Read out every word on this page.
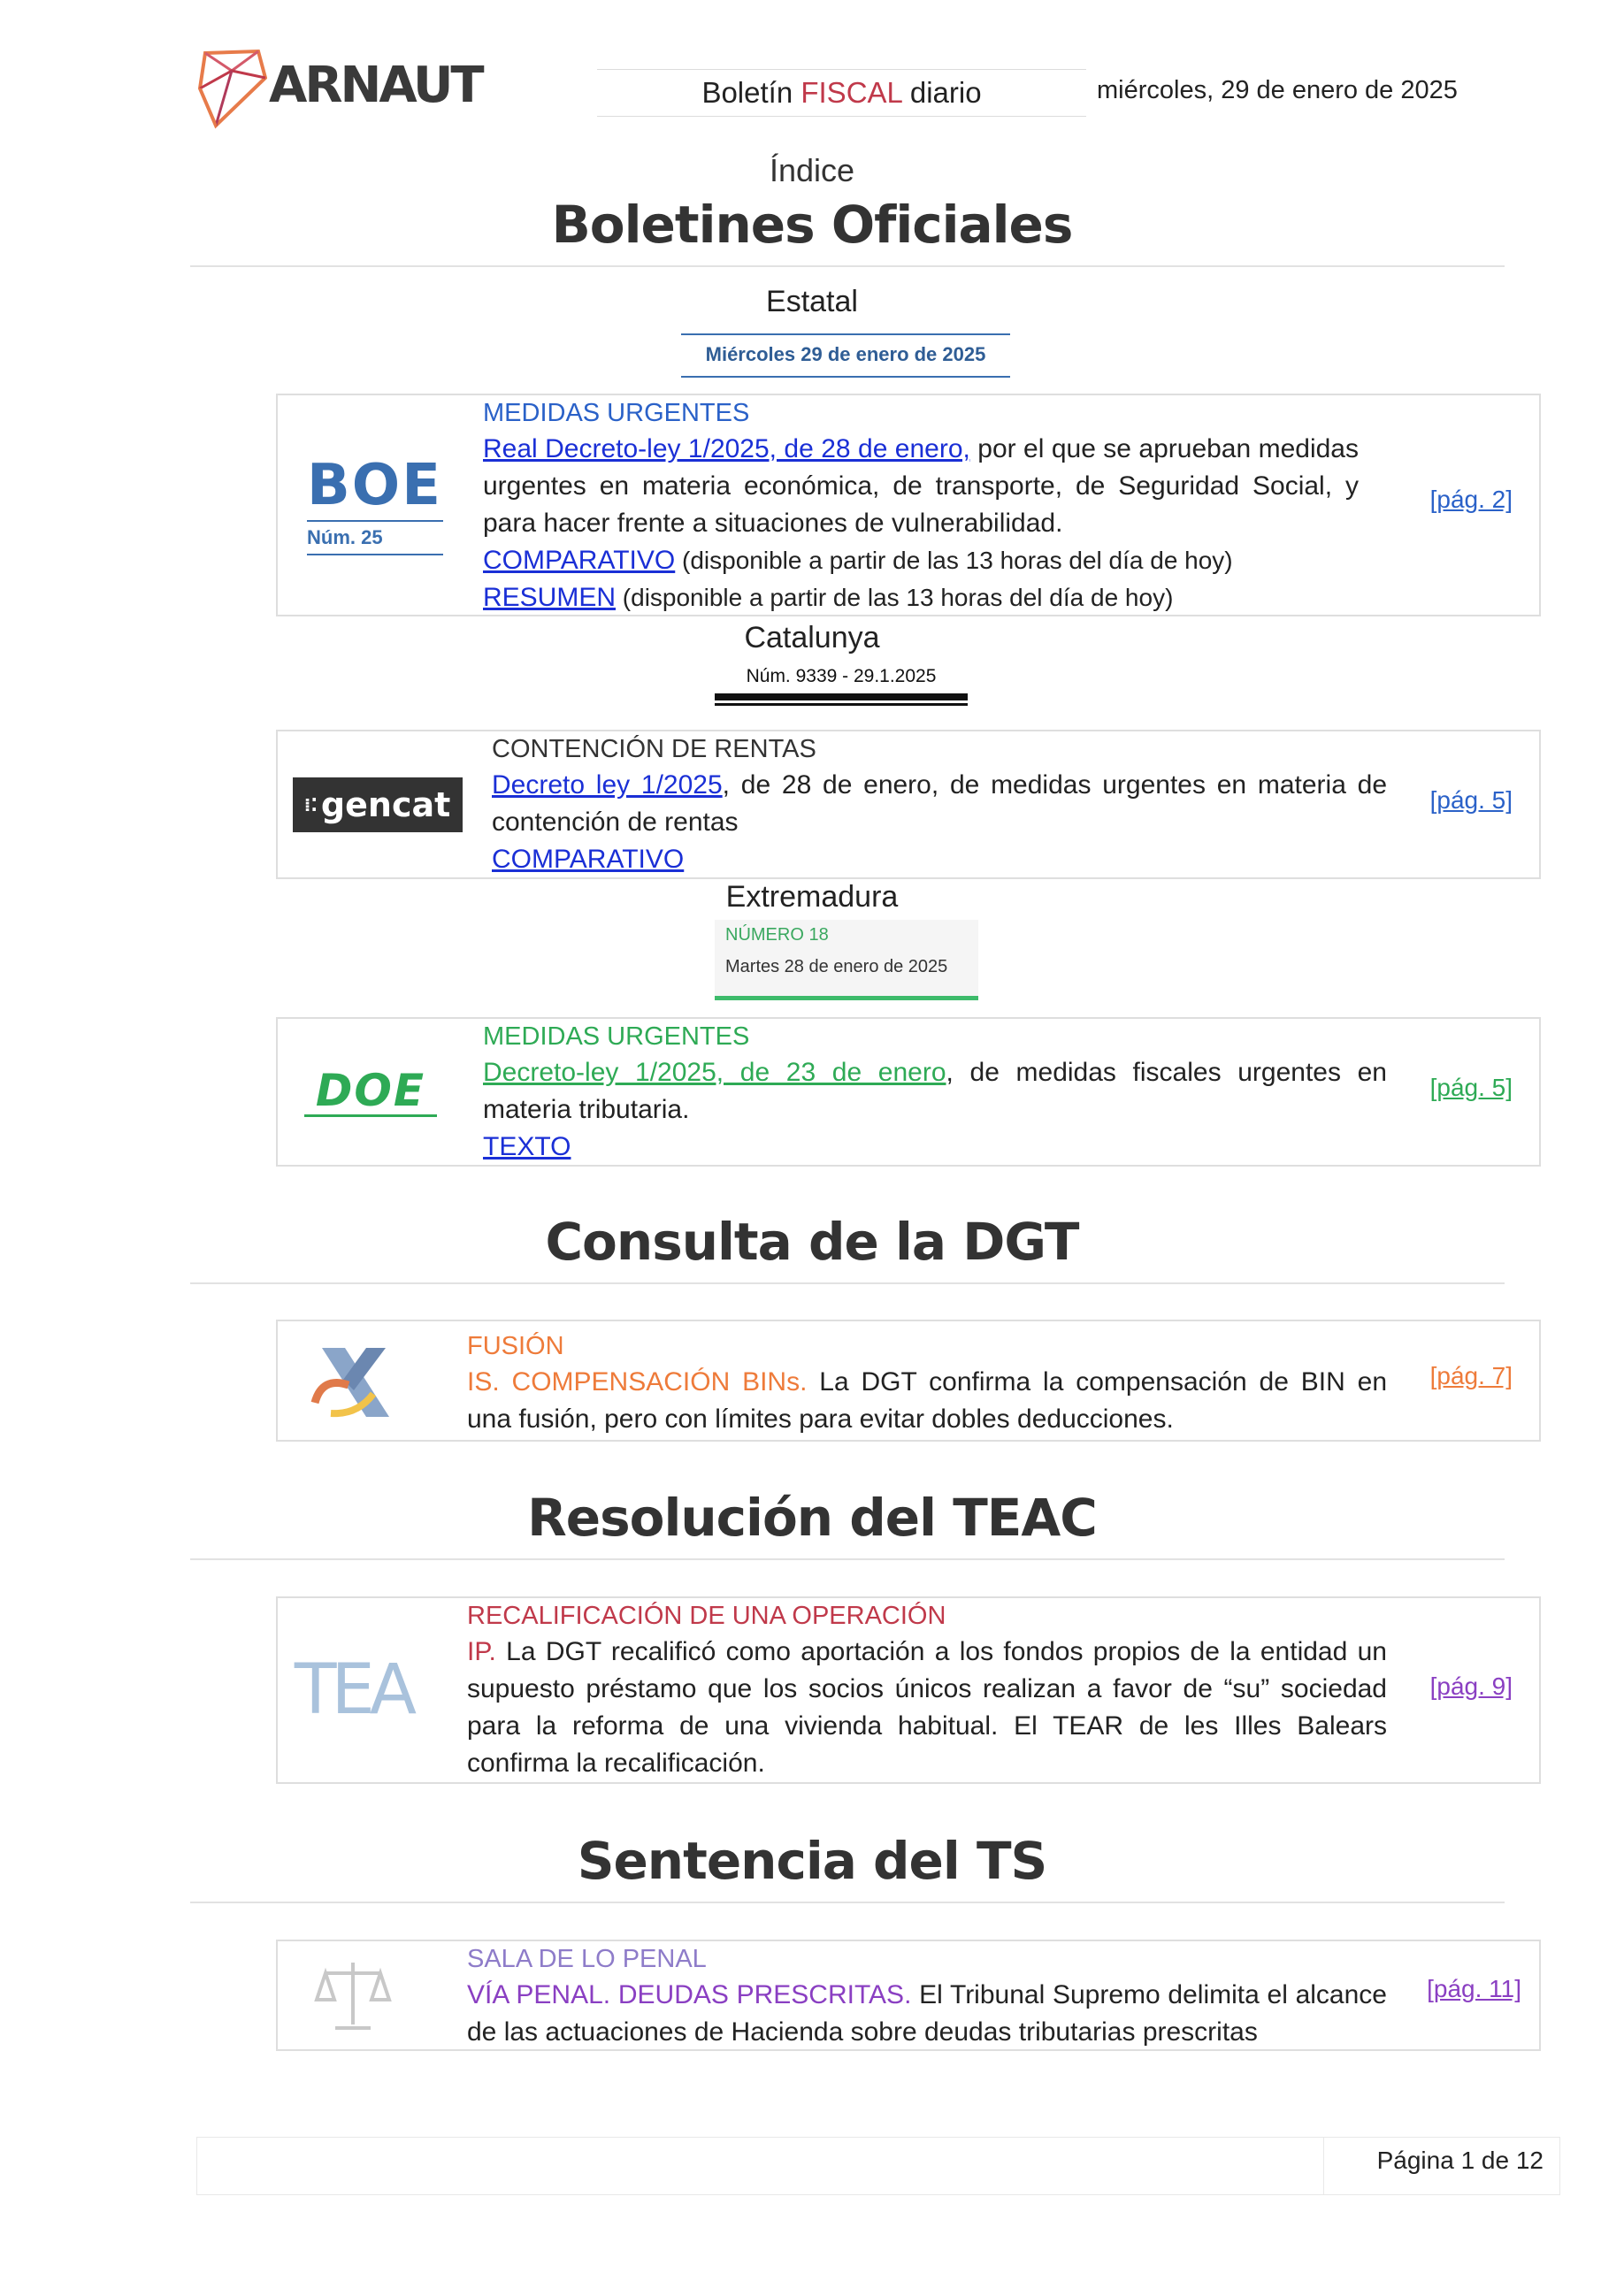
ARNAUT	Boletín FISCAL diario	miércoles, 29 de enero de 2025
Índice
Boletines Oficiales
Estatal
Miércoles 29 de enero de 2025
BOE
Núm. 25
MEDIDAS URGENTES
Real Decreto-ley 1/2025, de 28 de enero, por el que se aprueban medidas urgentes en materia económica, de transporte, de Seguridad Social, y para hacer frente a situaciones de vulnerabilidad.
COMPARATIVO (disponible a partir de las 13 horas del día de hoy)
RESUMEN (disponible a partir de las 13 horas del día de hoy)
[pág. 2]
Catalunya
Núm. 9339 - 29.1.2025
⁞⁚ gencat
CONTENCIÓN DE RENTAS
Decreto ley 1/2025, de 28 de enero, de medidas urgentes en materia de contención de rentas
COMPARATIVO
[pág. 5]
Extremadura
NÚMERO 18
Martes 28 de enero de 2025
DOE
MEDIDAS URGENTES
Decreto-ley 1/2025, de 23 de enero, de medidas fiscales urgentes en materia tributaria.
TEXTO
[pág. 5]
Consulta de la DGT
FUSIÓN
IS. COMPENSACIÓN BINs. La DGT confirma la compensación de BIN en una fusión, pero con límites para evitar dobles deducciones.
[pág. 7]
Resolución del TEAC
TEA
RECALIFICACIÓN DE UNA OPERACIÓN
IP. La DGT recalificó como aportación a los fondos propios de la entidad un supuesto préstamo que los socios únicos realizan a favor de “su” sociedad para la reforma de una vivienda habitual. El TEAR de les Illes Balears confirma la recalificación.
[pág. 9]
Sentencia del TS
SALA DE LO PENAL
VÍA PENAL. DEUDAS PRESCRITAS. El Tribunal Supremo delimita el alcance de las actuaciones de Hacienda sobre deudas tributarias prescritas
[pág. 11]
Página 1 de 12
